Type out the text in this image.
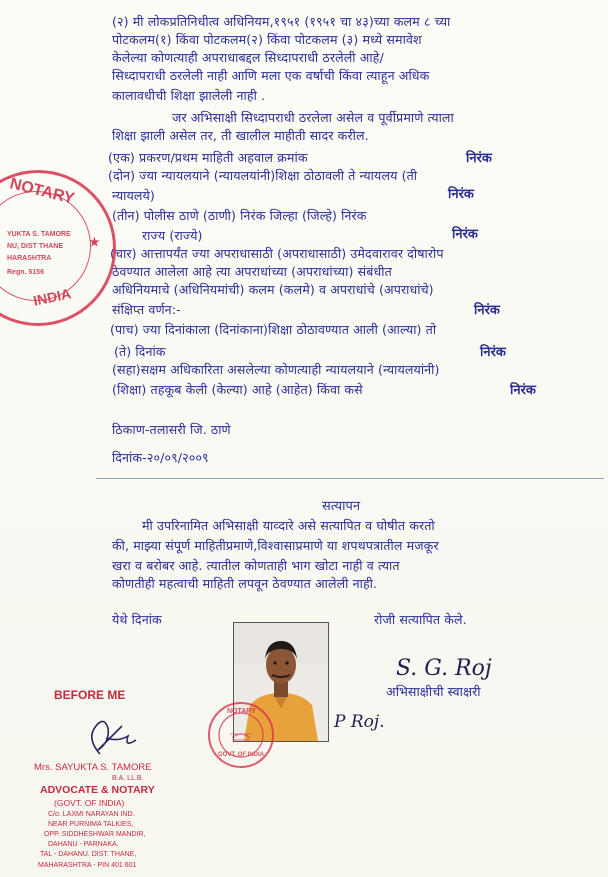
(२) मी लोकप्रतिनिधीत्व अधिनियम,१९५१ (१९५१ चा ४३)च्या कलम ८ च्या
पोटकलम(१) किंवा पोटकलम(२) किंवा पोटकलम (३) मध्ये समावेश
केलेल्या कोणत्याही अपराधाबद्दल सिध्दापराधी ठरलेली आहे/
सिध्दापराधी ठरलेली नाही आणि मला एक वर्षाची किंवा त्याहून अधिक
कालावधीची शिक्षा झालेली नाही .
जर अभिसाक्षी सिध्दापराधी ठरलेला असेल व पूर्वीप्रमाणे त्याला
शिक्षा झाली असेल तर, ती खालील माहीती सादर करील.
(एक) प्रकरण/प्रथम माहिती अहवाल क्रमांक	निरंक
(दोन) ज्या न्यायलयाने (न्यायलयांनी)शिक्षा ठोठावली ते न्यायलय (ती
न्यायलये)	निरंक
(तीन) पोलीस ठाणे (ठाणी) निरंक जिल्हा (जिल्हे) निरंक
राज्य (राज्ये)	निरंक
(चार) आत्तापर्यंत ज्या अपराधासाठी (अपराधासाठी) उमेदवारावर दोषारोप
ठेवण्यात आलेला आहे त्या अपराधांच्या (अपराधांच्या) संबंधीत
अधिनियमाचे (अधिनियमांची) कलम (कलमे) व अपराधांचे (अपराधांचे)
संक्षिप्त वर्णन:-	निरंक
(पाच) ज्या दिनांकाला (दिनांकाना)शिक्षा ठोठावण्यात आली (आल्या) तो
(ते) दिनांक	निरंक
(सहा)सक्षम अधिकारिता असलेल्या कोणत्याही न्यायलयाने (न्यायलयांनी)
(शिक्षा) तहकूब केली (केल्या) आहे (आहेत) किंवा कसे	निरंक
ठिकाण-तलासरी जि. ठाणे
दिनांक-२०/०९/२००९
सत्यापन
मी उपरिनामित अभिसाक्षी याव्दारे असे सत्यापित व घोषीत करतो
की, माझ्या संपूर्ण माहितीप्रमाणे,विश्वासाप्रमाणे या शपथपत्रातील मजकूर
खरा व बरोबर आहे. त्यातील कोणताही भाग खोटा नाही व त्यात
कोणतीही महत्वाची माहिती लपवून ठेवण्यात आलेली नाही.
येथे दिनांक	रोजी सत्यापित केले.
NOTARY
GOVT. OF INDIA
S. G. Roj
अभिसाक्षीची स्वाक्षरी
P Roj.
NOTARY
YUKTA S. TAMORE
NU, DIST THANE
HARASHTRA
Regn. 5156
INDIA
★
BEFORE ME
Mrs. SAYUKTA S. TAMORE
B.A. LL.B.
ADVOCATE & NOTARY
(GOVT. OF INDIA)
C/o. LAXMI NARAYAN IND.
NEAR PURNIMA TALKIES,
OPP. SIDDHESHWAR MANDIR,
DAHANU - PARNAKA,
TAL - DAHANU. DIST. THANE,
MAHARASHTRA - PIN 401 601
